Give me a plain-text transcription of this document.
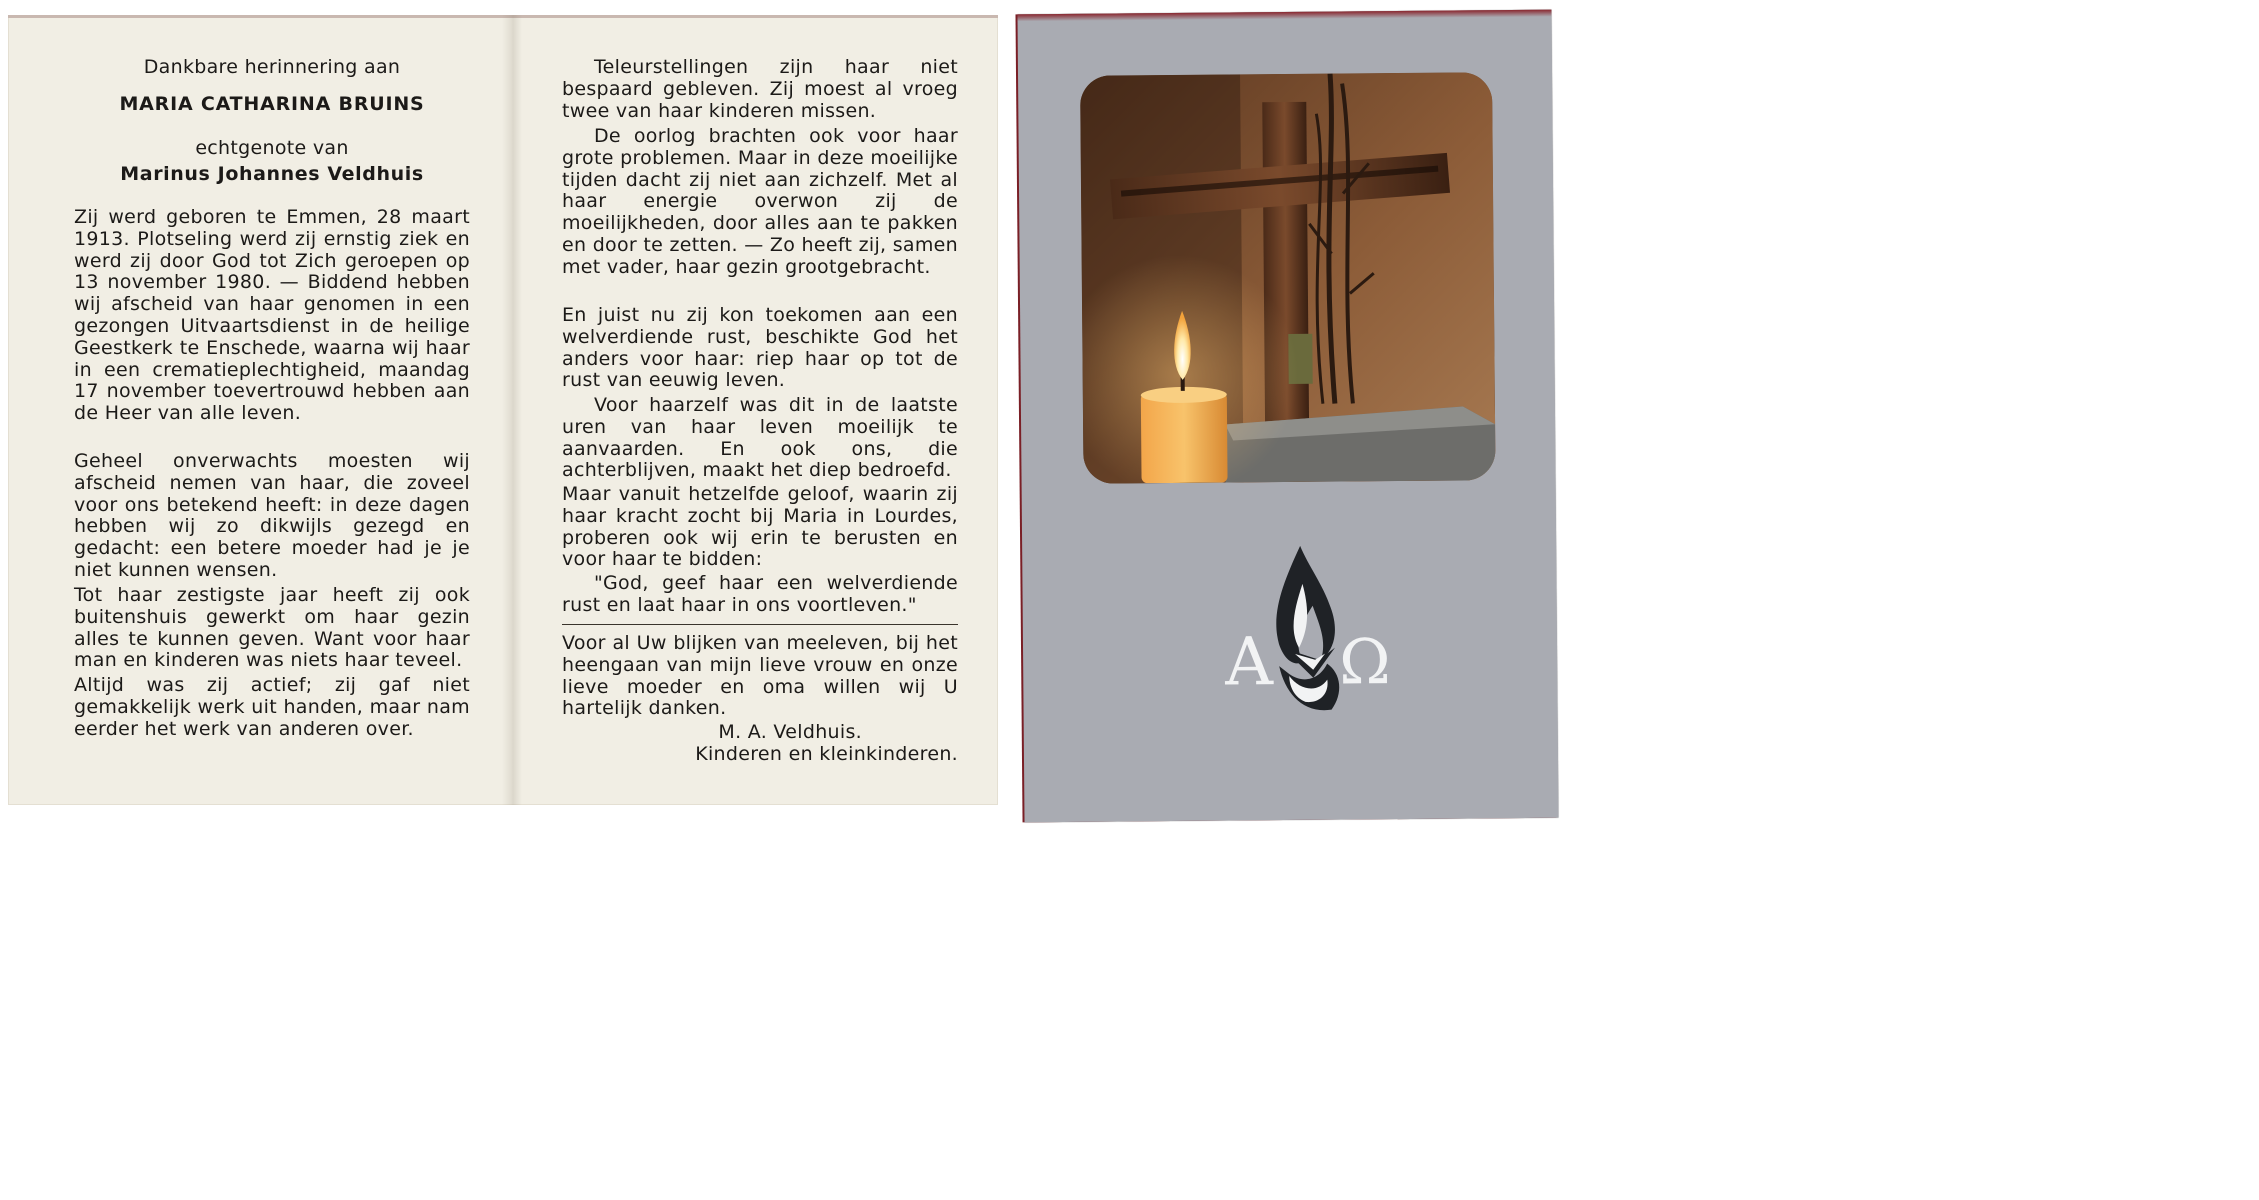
Dankbare herinnering aan
MARIA CATHARINA BRUINS
echtgenote van
Marinus Johannes Veldhuis

Zij werd geboren te Emmen, 28 maart 1913. Plotseling werd zij ernstig ziek en werd zij door God tot Zich geroepen op 13 november 1980. — Biddend hebben wij afscheid van haar genomen in een gezongen Uitvaartsdienst in de heilige Geestkerk te Enschede, waarna wij haar in een crematieplechtigheid, maandag 17 november toevertrouwd hebben aan de Heer van alle leven.

Geheel onverwachts moesten wij afscheid nemen van haar, die zoveel voor ons betekend heeft: in deze dagen hebben wij zo dikwijls gezegd en gedacht: een betere moeder had je je niet kunnen wensen.

Tot haar zestigste jaar heeft zij ook buitenshuis gewerkt om haar gezin alles te kunnen geven. Want voor haar man en kinderen was niets haar teveel.

Altijd was zij actief; zij gaf niet gemakkelijk werk uit handen, maar nam eerder het werk van anderen over.

Teleurstellingen zijn haar niet bespaard gebleven. Zij moest al vroeg twee van haar kinderen missen.

De oorlog brachten ook voor haar grote problemen. Maar in deze moeilijke tijden dacht zij niet aan zichzelf. Met al haar energie overwon zij de moeilijkheden, door alles aan te pakken en door te zetten. — Zo heeft zij, samen met vader, haar gezin grootgebracht.

En juist nu zij kon toekomen aan een welverdiende rust, beschikte God het anders voor haar: riep haar op tot de rust van eeuwig leven.

Voor haarzelf was dit in de laatste uren van haar leven moeilijk te aanvaarden. En ook ons, die achterblijven, maakt het diep bedroefd.

Maar vanuit hetzelfde geloof, waarin zij haar kracht zocht bij Maria in Lourdes, proberen ook wij erin te berusten en voor haar te bidden:

"God, geef haar een welverdiende rust en laat haar in ons voortleven."

Voor al Uw blijken van meeleven, bij het heengaan van mijn lieve vrouw en onze lieve moeder en oma willen wij U hartelijk danken.

M. A. Veldhuis.
Kinderen en kleinkinderen.
Α Ω
